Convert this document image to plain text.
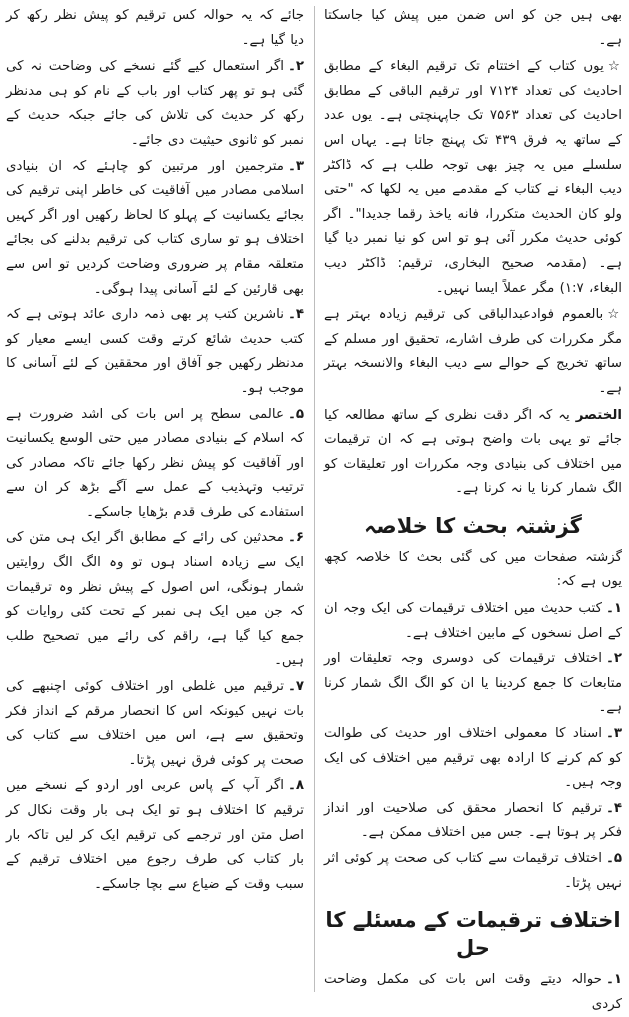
بھی ہیں جن کو اس ضمن میں پیش کیا جاسکتا ہے۔

☆یوں کتاب کے اختتام تک ترقیم البغاء کے مطابق احادیث کی تعداد ۷۱۲۴ اور ترقیم الباقی کے مطابق احادیث کی تعداد ۷۵۶۳ تک جاپہنچتی ہے۔ یوں عدد کے ساتھ یہ فرق ۴۳۹ تک پہنچ جاتا ہے۔ یہاں اس سلسلے میں یہ چیز بھی توجہ طلب ہے کہ ڈاکٹر دیب البغاء نے کتاب کے مقدمے میں یہ لکھا کہ "حتی ولو کان الحدیث متکررا، فانه یاخذ رقما جدیدا"۔ اگر کوئی حدیث مکرر آئی ہو تو اس کو نیا نمبر دیا گیا ہے۔ (مقدمہ صحیح البخاری، ترقیم: ڈاکٹر دیب البغاء، ۱:۷) مگر عملاً ایسا نہیں۔

☆بالعموم فوادعبدالباقی کی ترقیم زیادہ بہتر ہے مگر مکررات کی طرف اشارے، تحقیق اور مسلم کے ساتھ تخریج کے حوالے سے دیب البغاء والانسخہ بہتر ہے۔

الختصر یہ کہ اگر دقت نظری کے ساتھ مطالعہ کیا جائے تو یہی بات واضح ہوتی ہے کہ ان ترقیمات میں اختلاف کی بنیادی وجہ مکررات اور تعلیقات کو الگ شمار کرنا یا نہ کرنا ہے۔

گزشتہ بحث کا خلاصہ

گزشتہ صفحات میں کی گئی بحث کا خلاصہ کچھ یوں ہے کہ:

۱۔کتب حدیث میں اختلاف ترقیمات کی ایک وجہ ان کے اصل نسخوں کے مابین اختلاف ہے۔

۲۔اختلاف ترقیمات کی دوسری وجہ تعلیقات اور متابعات کا جمع کردینا یا ان کو الگ الگ شمار کرنا ہے۔

۳۔اسناد کا معمولی اختلاف اور حدیث کی طوالت کو کم کرنے کا ارادہ بھی ترقیم میں اختلاف کی ایک وجہ ہیں۔

۴۔ترقیم کا انحصار محقق کی صلاحیت اور انداز فکر پر ہوتا ہے۔ جس میں اختلاف ممکن ہے۔

۵۔اختلاف ترقیمات سے کتاب کی صحت پر کوئی اثر نہیں پڑتا۔

اختلاف ترقیمات کے مسئلے کا حل

۱۔حوالہ دیتے وقت اس بات کی مکمل وضاحت کردی

جائے کہ یہ حوالہ کس ترقیم کو پیش نظر رکھ کر دیا گیا ہے۔

۲۔اگر استعمال کیے گئے نسخے کی وضاحت نہ کی گئی ہو تو پھر کتاب اور باب کے نام کو ہی مدنظر رکھ کر حدیث کی تلاش کی جائے جبکہ حدیث کے نمبر کو ثانوی حیثیت دی جائے۔

۳۔مترجمین اور مرتبین کو چاہئے کہ ان بنیادی اسلامی مصادر میں آفاقیت کی خاطر اپنی ترقیم کی بجائے یکسانیت کے پہلو کا لحاظ رکھیں اور اگر کہیں اختلاف ہو تو ساری کتاب کی ترقیم بدلنے کی بجائے متعلقہ مقام پر ضروری وضاحت کردیں تو اس سے بھی قارئین کے لئے آسانی پیدا ہوگی۔

۴۔ناشرین کتب پر بھی ذمہ داری عائد ہوتی ہے کہ کتب حدیث شائع کرتے وقت کسی ایسے معیار کو مدنظر رکھیں جو آفاق اور محققین کے لئے آسانی کا موجب ہو۔

۵۔عالمی سطح پر اس بات کی اشد ضرورت ہے کہ اسلام کے بنیادی مصادر میں حتی الوسع یکسانیت اور آفاقیت کو پیش نظر رکھا جائے تاکہ مصادر کی ترتیب وتہذیب کے عمل سے آگے بڑھ کر ان سے استفادے کی طرف قدم بڑھایا جاسکے۔

۶۔محدثین کی رائے کے مطابق اگر ایک ہی متن کی ایک سے زیادہ اسناد ہوں تو وہ الگ الگ روایتیں شمار ہونگی، اس اصول کے پیش نظر وہ ترقیمات کہ جن میں ایک ہی نمبر کے تحت کئی روایات کو جمع کیا گیا ہے، راقم کی رائے میں تصحیح طلب ہیں۔

۷۔ترقیم میں غلطی اور اختلاف کوئی اچنبھے کی بات نہیں کیونکہ اس کا انحصار مرقم کے انداز فکر وتحقیق سے ہے، اس میں اختلاف سے کتاب کی صحت پر کوئی فرق نہیں پڑتا۔

۸۔اگر آپ کے پاس عربی اور اردو کے نسخے میں ترقیم کا اختلاف ہو تو ایک ہی بار وقت نکال کر اصل متن اور ترجمے کی ترقیم ایک کر لیں تاکہ بار بار کتاب کی طرف رجوع میں اختلاف ترقیم کے سبب وقت کے ضیاع سے بچا جاسکے۔
